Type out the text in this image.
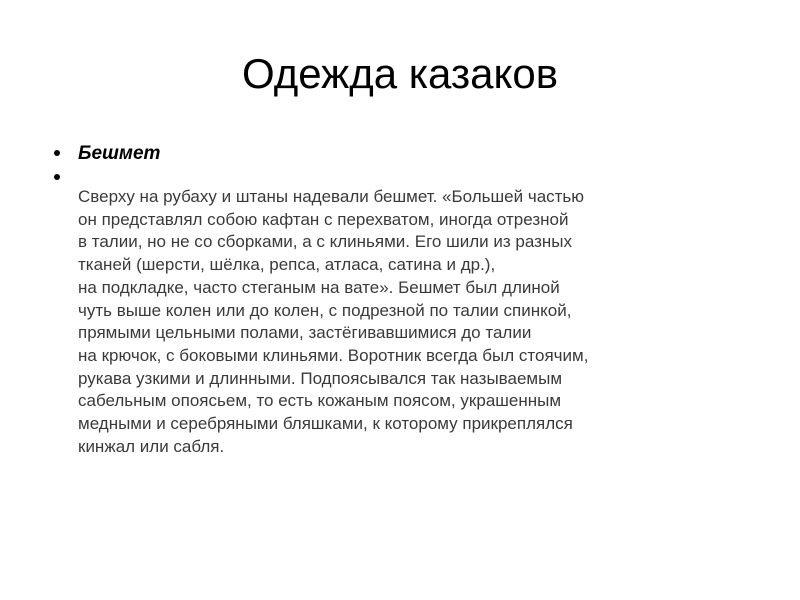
Одежда казаков
Бешмет

Сверху на рубаху и штаны надевали бешмет. «Большей частью
он представлял собою кафтан с перехватом, иногда отрезной
в талии, но не со сборками, а с клиньями. Его шили из разных
тканей (шерсти, шёлка, репса, атласа, сатина и др.),
на подкладке, часто стеганым на вате». Бешмет был длиной
чуть выше колен или до колен, с подрезной по талии спинкой,
прямыми цельными полами, застёгивавшимися до талии
на крючок, с боковыми клиньями. Воротник всегда был стоячим,
рукава узкими и длинными. Подпоясывался так называемым
сабельным опоясьем, то есть кожаным поясом, украшенным
медными и серебряными бляшками, к которому прикреплялся
кинжал или сабля.
